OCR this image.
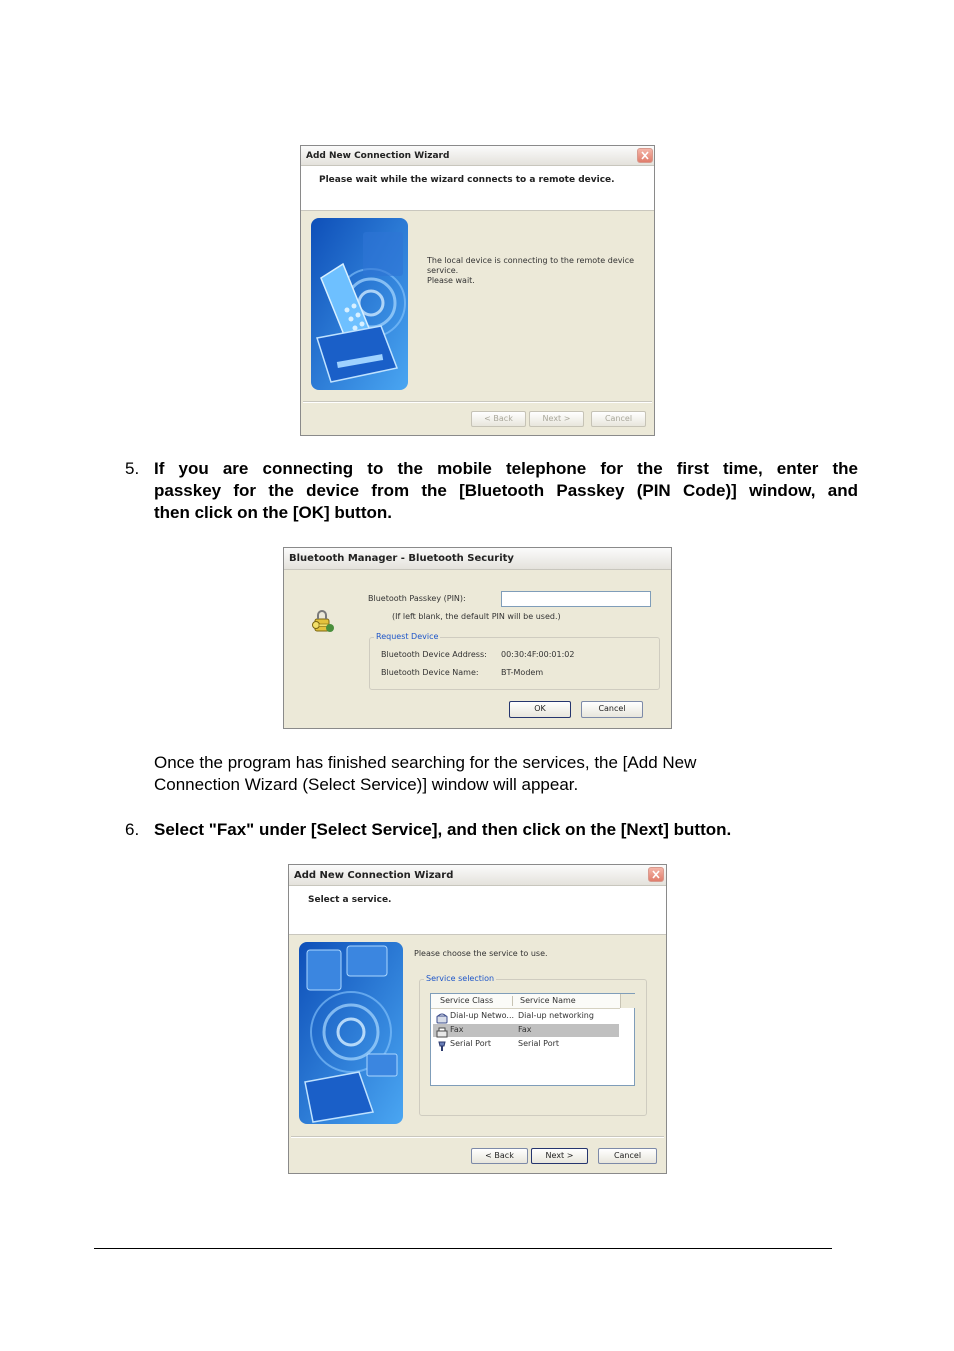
Add New Connection Wizard
Please wait while the wizard connects to a remote device.
The local device is connecting to the remote device
service.
Please wait.
< Back	Next >	Cancel
5. If you are connecting to the mobile telephone for the first time, enter the
passkey for the device from the [Bluetooth Passkey (PIN Code)] window, and
then click on the [OK] button.
Bluetooth Manager - Bluetooth Security
Bluetooth Passkey (PIN):
(If left blank, the default PIN will be used.)
Request Device
Bluetooth Device Address: 00:30:4F:00:01:02
Bluetooth Device Name:	BT-Modem
OK	Cancel
Once the program has finished searching for the services, the [Add New
Connection Wizard (Select Service)] window will appear.
6. Select "Fax" under [Select Service], and then click on the [Next] button.
Add New Connection Wizard
Select a service.
Please choose the service to use.
Service selection
Service Class	Service Name
Dial-up Netwo... Dial-up networking
Fax	Fax
Serial Port	Serial Port
< Back	Next >	Cancel
